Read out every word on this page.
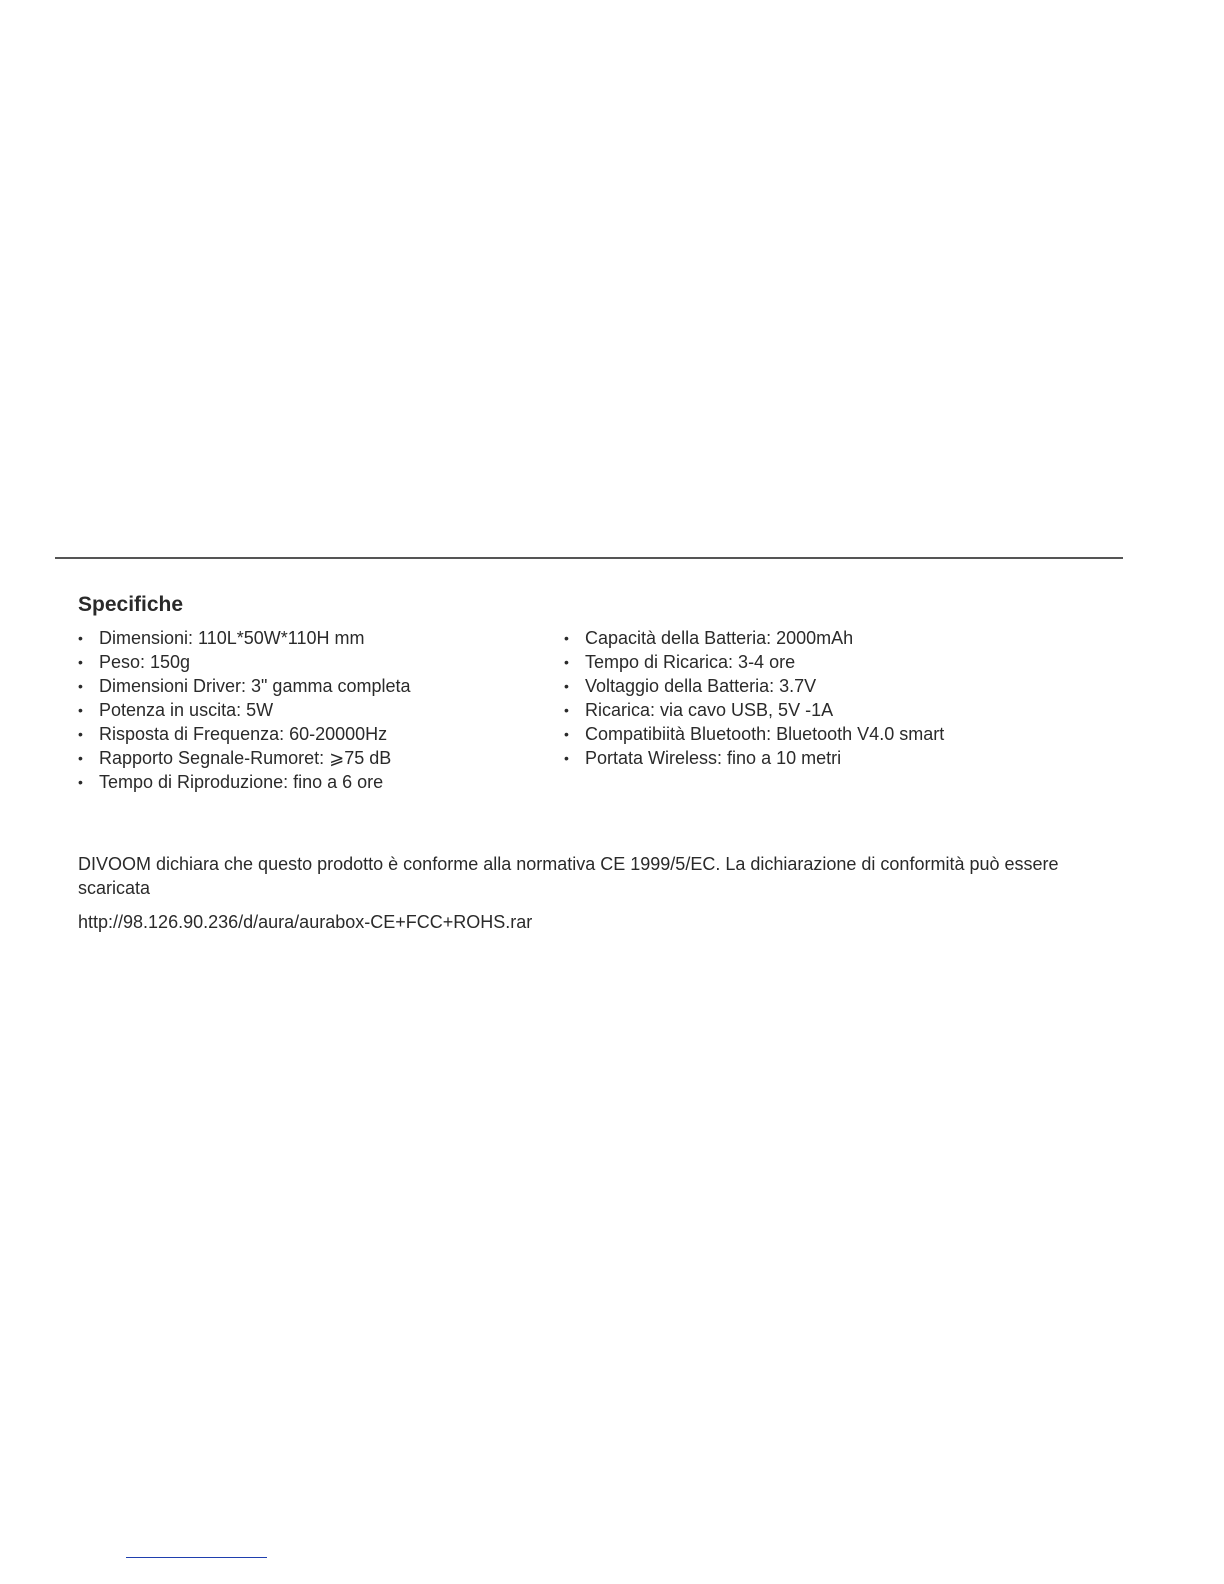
Specifiche
• Dimensioni: 110L*50W*110H mm
• Peso: 150g
• Dimensioni Driver: 3" gamma completa
• Potenza in uscita: 5W
• Risposta di Frequenza: 60-20000Hz
• Rapporto Segnale-Rumoret: ⩾75 dB
• Tempo di Riproduzione: fino a 6 ore
• Capacità della Batteria: 2000mAh
• Tempo di Ricarica: 3-4 ore
• Voltaggio della Batteria: 3.7V
• Ricarica: via cavo USB, 5V -1A
• Compatibiità Bluetooth: Bluetooth V4.0 smart
• Portata Wireless: fino a 10 metri

DIVOOM dichiara che questo prodotto è conforme alla normativa CE 1999/5/EC. La dichiarazione di conformità può essere scaricata

http://98.126.90.236/d/aura/aurabox-CE+FCC+ROHS.rar
